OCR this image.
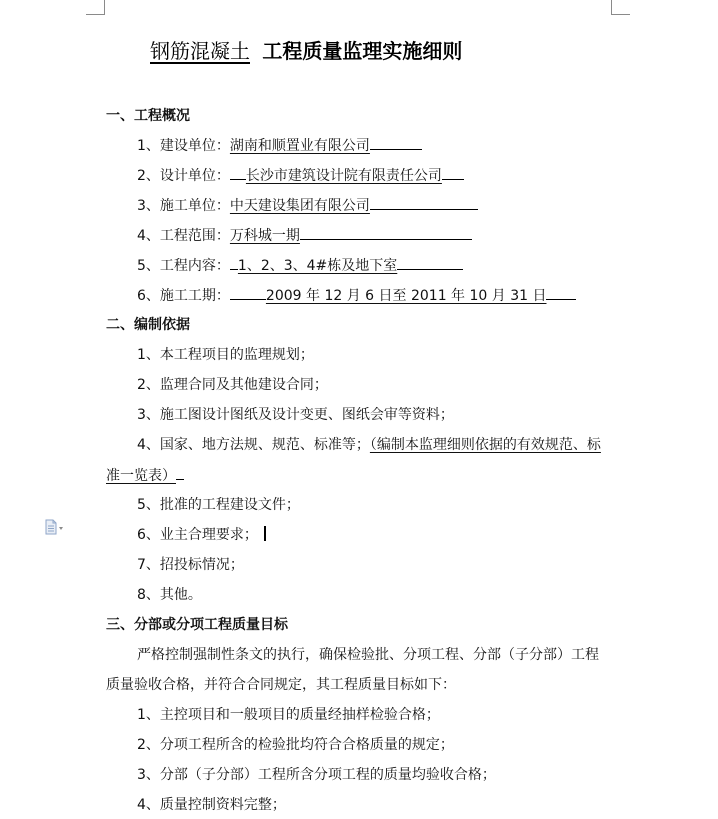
钢筋混凝土 工程质量监理实施细则
一、工程概况
1、建设单位：湖南和顺置业有限公司
2、设计单位： 长沙市建筑设计院有限责任公司
3、施工单位：中天建设集团有限公司
4、工程范围：万科城一期
5、工程内容： 1、2、3、4#栋及地下室
6、施工工期：	2009 年 12 月 6 日至 2011 年 10 月 31 日
二、编制依据
1、本工程项目的监理规划；
2、监理合同及其他建设合同；
3、施工图设计图纸及设计变更、图纸会审等资料；
4、国家、地方法规、规范、标准等；（编制本监理细则依据的有效规范、标
准一览表）
5、批准的工程建设文件；
6、业主合理要求；
7、招投标情况；
8、其他。
三、分部或分项工程质量目标
严格控制强制性条文的执行，确保检验批、分项工程、分部（子分部）工程
质量验收合格，并符合合同规定，其工程质量目标如下：
1、主控项目和一般项目的质量经抽样检验合格；
2、分项工程所含的检验批均符合合格质量的规定；
3、分部（子分部）工程所含分项工程的质量均验收合格；
4、质量控制资料完整；
